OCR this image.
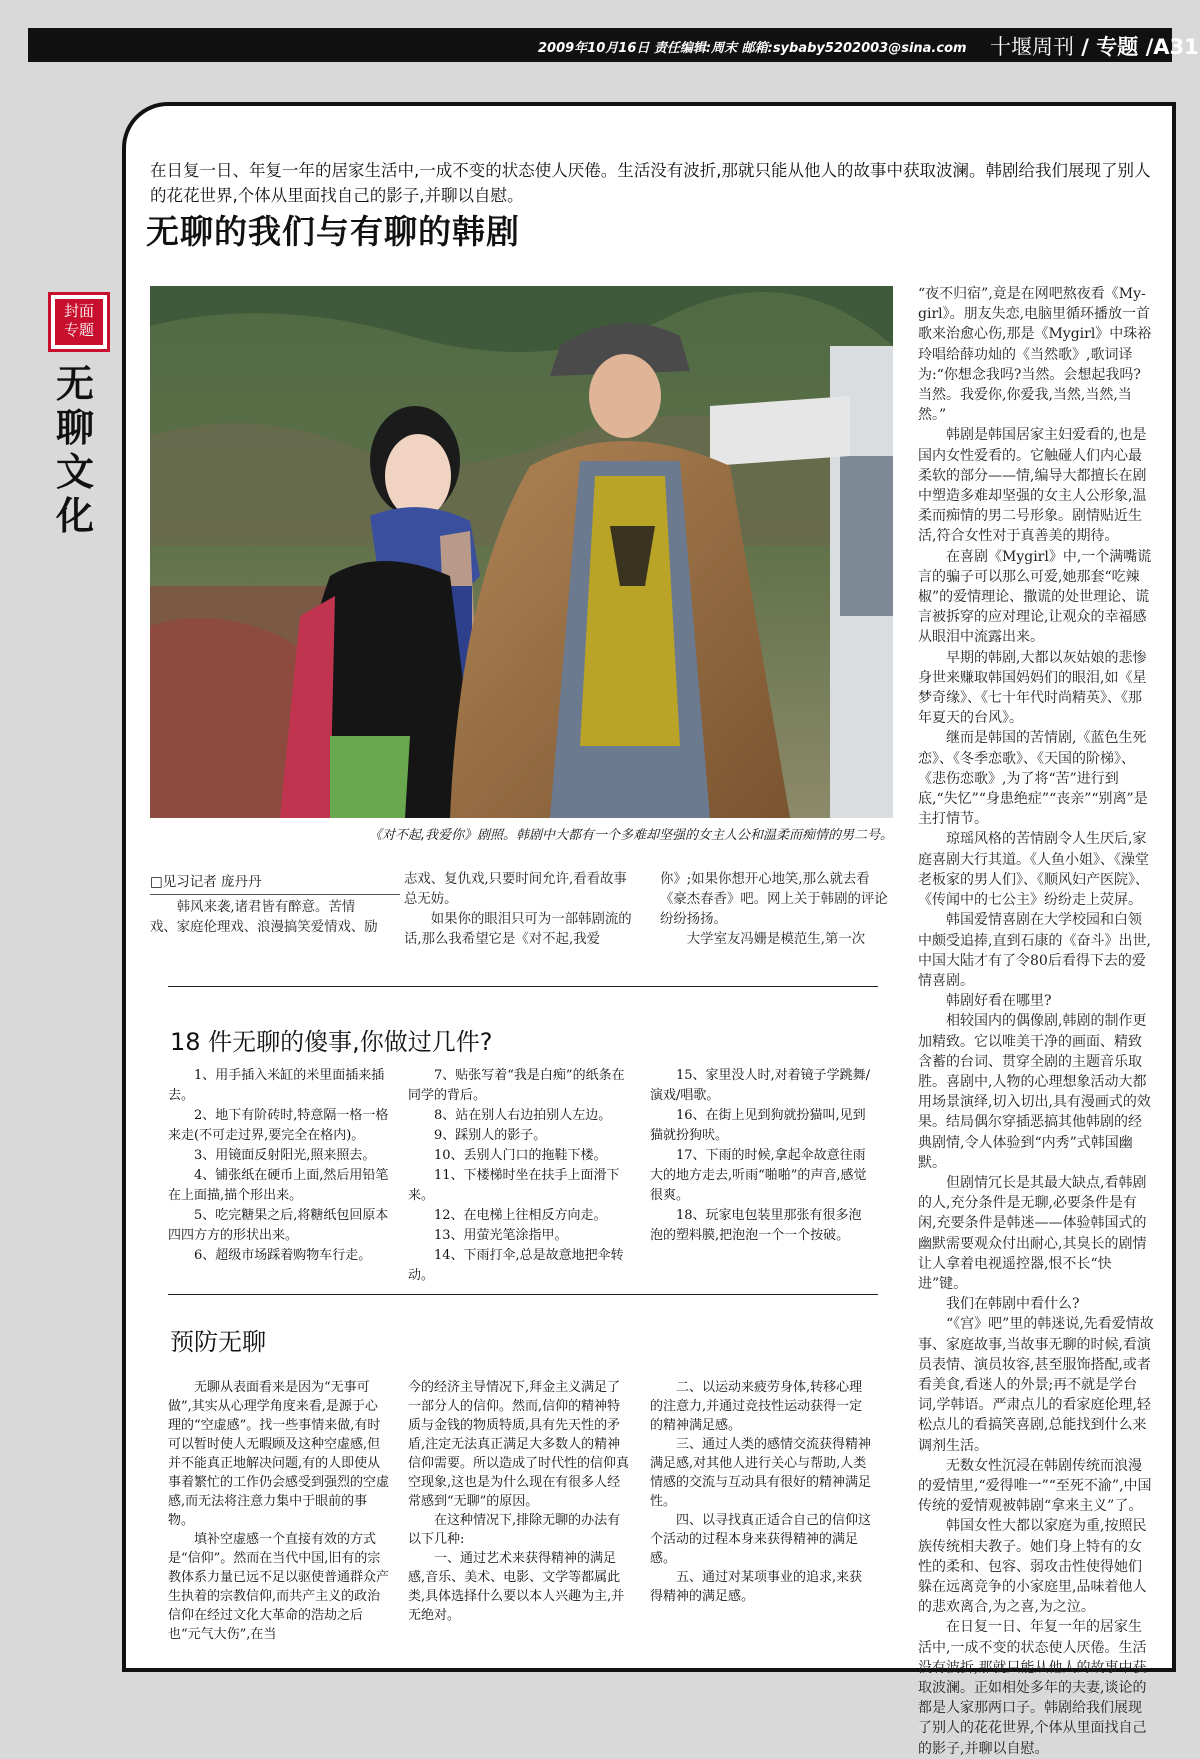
2009年10月16日 责任编辑:周末 邮箱:sybaby5202003@sina.com 十堰周刊 / 专题 /A31
封面
专题
无聊文化
在日复一日、年复一年的居家生活中,一成不变的状态使人厌倦。生活没有波折,那就只能从他人的故事中获取波澜。韩剧给我们展现了别人的花花世界,个体从里面找自己的影子,并聊以自慰。
无聊的我们与有聊的韩剧
《对不起,我爱你》剧照。韩剧中大都有一个多难却坚强的女主人公和温柔而痴情的男二号。
□见习记者 庞丹丹

韩风来袭,诸君皆有醉意。苦情戏、家庭伦理戏、浪漫搞笑爱情戏、励

志戏、复仇戏,只要时间允许,看看故事总无妨。

如果你的眼泪只可为一部韩剧流的话,那么我希望它是《对不起,我爱

你》;如果你想开心地笑,那么就去看《豪杰春香》吧。网上关于韩剧的评论纷纷扬扬。

大学室友冯姗是模范生,第一次

18 件无聊的傻事,你做过几件?
1、用手插入米缸的米里面插来插去。
2、地下有阶砖时,特意隔一格一格来走(不可走过界,要完全在格内)。
3、用镜面反射阳光,照来照去。
4、铺张纸在硬币上面,然后用铅笔在上面描,描个形出来。
5、吃完糖果之后,将糖纸包回原本四四方方的形状出来。
6、超级市场踩着购物车行走。
7、贴张写着“我是白痴”的纸条在同学的背后。
8、站在别人右边拍别人左边。
9、踩别人的影子。
10、丢别人门口的拖鞋下楼。
11、下楼梯时坐在扶手上面滑下来。
12、在电梯上往相反方向走。
13、用萤光笔涂指甲。
14、下雨打伞,总是故意地把伞转动。
15、家里没人时,对着镜子学跳舞/演戏/唱歌。
16、在街上见到狗就扮猫叫,见到猫就扮狗吠。
17、下雨的时候,拿起伞故意往雨大的地方走去,听雨“啪啪”的声音,感觉很爽。
18、玩家电包装里那张有很多泡泡的塑料膜,把泡泡一个一个按破。
预防无聊
无聊从表面看来是因为“无事可做”,其实从心理学角度来看,是源于心理的“空虚感”。找一些事情来做,有时可以暂时使人无暇顾及这种空虚感,但并不能真正地解决问题,有的人即使从事着繁忙的工作仍会感受到强烈的空虚感,而无法将注意力集中于眼前的事物。
填补空虚感一个直接有效的方式是“信仰”。然而在当代中国,旧有的宗教体系力量已远不足以驱使普通群众产生执着的宗教信仰,而共产主义的政治信仰在经过文化大革命的浩劫之后也“元气大伤”,在当
今的经济主导情况下,拜金主义满足了一部分人的信仰。然而,信仰的精神特质与金钱的物质特质,具有先天性的矛盾,注定无法真正满足大多数人的精神信仰需要。所以造成了时代性的信仰真空现象,这也是为什么现在有很多人经常感到“无聊”的原因。
在这种情况下,排除无聊的办法有以下几种:
一、通过艺术来获得精神的满足感,音乐、美术、电影、文学等都属此类,具体选择什么要以本人兴趣为主,并无绝对。
二、以运动来疲劳身体,转移心理的注意力,并通过竞技性运动获得一定的精神满足感。
三、通过人类的感情交流获得精神满足感,对其他人进行关心与帮助,人类情感的交流与互动具有很好的精神满足性。
四、以寻找真正适合自己的信仰这个活动的过程本身来获得精神的满足感。
五、通过对某项事业的追求,来获得精神的满足感。

“夜不归宿”,竟是在网吧熬夜看《My-girl》。朋友失恋,电脑里循环播放一首歌来治愈心伤,那是《Mygirl》中珠裕玲唱给薛功灿的《当然歌》,歌词译为:“你想念我吗?当然。会想起我吗?当然。我爱你,你爱我,当然,当然,当然。”

韩剧是韩国居家主妇爱看的,也是国内女性爱看的。它触碰人们内心最柔软的部分——情,编导大都擅长在剧中塑造多难却坚强的女主人公形象,温柔而痴情的男二号形象。剧情贴近生活,符合女性对于真善美的期待。

在喜剧《Mygirl》中,一个满嘴谎言的骗子可以那么可爱,她那套“吃辣椒”的爱情理论、撒谎的处世理论、谎言被拆穿的应对理论,让观众的幸福感从眼泪中流露出来。

早期的韩剧,大都以灰姑娘的悲惨身世来赚取韩国妈妈们的眼泪,如《星梦奇缘》、《七十年代时尚精英》、《那年夏天的台风》。

继而是韩国的苦情剧,《蓝色生死恋》、《冬季恋歌》、《天国的阶梯》、《悲伤恋歌》,为了将“苦”进行到底,“失忆”“身患绝症”“丧亲”“别离”是主打情节。

琼瑶风格的苦情剧令人生厌后,家庭喜剧大行其道。《人鱼小姐》、《澡堂老板家的男人们》、《顺风妇产医院》、《传闻中的七公主》纷纷走上荧屏。

韩国爱情喜剧在大学校园和白领中颇受追捧,直到石康的《奋斗》出世,中国大陆才有了令80后看得下去的爱情喜剧。

韩剧好看在哪里?

相较国内的偶像剧,韩剧的制作更加精致。它以唯美干净的画面、精致含蓄的台词、贯穿全剧的主题音乐取胜。喜剧中,人物的心理想象活动大都用场景演绎,切入切出,具有漫画式的效果。结局偶尔穿插恶搞其他韩剧的经典剧情,令人体验到“内秀”式韩国幽默。

但剧情冗长是其最大缺点,看韩剧的人,充分条件是无聊,必要条件是有闲,充要条件是韩迷——体验韩国式的幽默需要观众付出耐心,其臭长的剧情让人拿着电视遥控器,恨不长“快进”键。

我们在韩剧中看什么?

“《宫》吧”里的韩迷说,先看爱情故事、家庭故事,当故事无聊的时候,看演员表情、演员妆容,甚至服饰搭配,或者看美食,看迷人的外景;再不就是学台词,学韩语。严肃点儿的看家庭伦理,轻松点儿的看搞笑喜剧,总能找到什么来调剂生活。

无数女性沉浸在韩剧传统而浪漫的爱情里,“爱得唯一”“至死不渝”,中国传统的爱情观被韩剧“拿来主义”了。

韩国女性大都以家庭为重,按照民族传统相夫教子。她们身上特有的女性的柔和、包容、弱攻击性使得她们躲在远离竞争的小家庭里,品味着他人的悲欢离合,为之喜,为之泣。

在日复一日、年复一年的居家生活中,一成不变的状态使人厌倦。生活没有波折,那就只能从他人的故事中获取波澜。正如相处多年的夫妻,谈论的都是人家那两口子。韩剧给我们展现了别人的花花世界,个体从里面找自己的影子,并聊以自慰。
